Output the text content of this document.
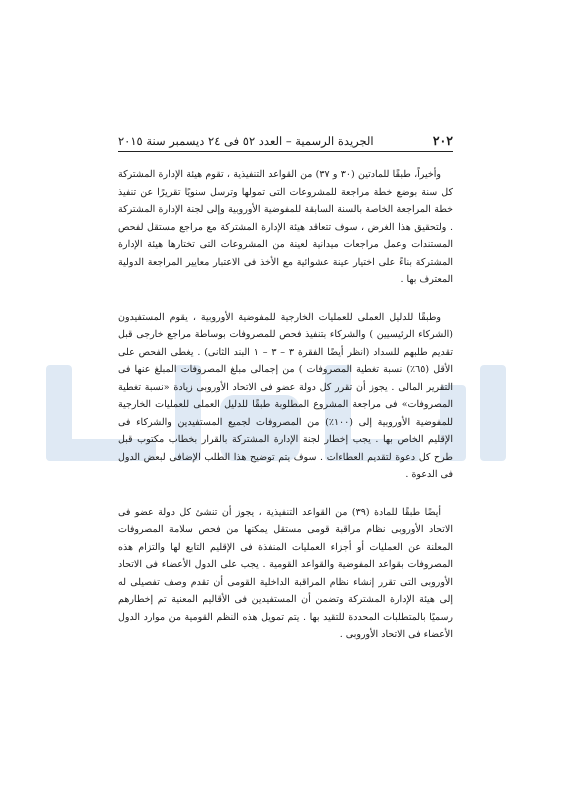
٢٠٢
الجريدة الرسمية – العدد ٥٢ فى ٢٤ ديسمبر سنة ٢٠١٥

وأخيراً، طبقًا للمادتين (٣٠ و ٣٧) من القواعد التنفيذية ، تقوم هيئة الإدارة المشتركة كل سنة بوضع خطة مراجعة للمشروعات التى تمولها وترسل سنويًا تقريرًا عن تنفيذ خطة المراجعة الخاصة بالسنة السابقة للمفوضية الأوروبية وإلى لجنة الإدارة المشتركة . ولتحقيق هذا الغرض ، سوف تتعاقد هيئة الإدارة المشتركة مع مراجع مستقل لفحص المستندات وعمل مراجعات ميدانية لعينة من المشروعات التى تختارها هيئة الإدارة المشتركة بناءً على اختيار عينة عشوائية مع الأخذ فى الاعتبار معايير المراجعة الدولية المعترف بها .

وطبقًا للدليل العملى للعمليات الخارجية للمفوضية الأوروبية ، يقوم المستفيدون (الشركاء الرئيسيين ) والشركاء بتنفيذ فحص للمصروفات بوساطة مراجع خارجى قبل تقديم طلبهم للسداد (انظر أيضًا الفقرة ٣ – ٣ – ١ البند الثانى) . يغطى الفحص على الأقل (٦٥٪) نسبة تغطية المصروفات ) من إجمالى مبلغ المصروفات المبلغ عنها فى التقرير المالى . يجوز أن تقرر كل دولة عضو فى الاتحاد الأوروبى زيادة «نسبة تغطية المصروفات» فى مراجعة المشروع المطلوبة طبقًا للدليل العملى للعمليات الخارجية للمفوضية الأوروبية إلى (١٠٠٪) من المصروفات لجميع المستفيدين والشركاء فى الإقليم الخاص بها . يجب إخطار لجنة الإدارة المشتركة بالقرار بخطاب مكتوب قبل طرح كل دعوة لتقديم العطاءات . سوف يتم توضيح هذا الطلب الإضافى لبعض الدول فى الدعوة .

أيضًا طبقًا للمادة (٣٩) من القواعد التنفيذية ، يجوز أن تنشئ كل دولة عضو فى الاتحاد الأوروبى نظام مراقبة قومى مستقل يمكنها من فحص سلامة المصروفات المعلنة عن العمليات أو أجزاء العمليات المنفذة فى الإقليم التابع لها والتزام هذه المصروفات بقواعد المفوضية والقواعد القومية . يجب على الدول الأعضاء فى الاتحاد الأوروبى التى تقرر إنشاء نظام المراقبة الداخلية القومى أن تقدم وصف تفصيلى له إلى هيئة الإدارة المشتركة وتضمن أن المستفيدين فى الأقاليم المعنية تم إخطارهم رسميًا بالمتطلبات المحددة للتقيد بها . يتم تمويل هذه النظم القومية من موارد الدول الأعضاء فى الاتحاد الأوروبى .
